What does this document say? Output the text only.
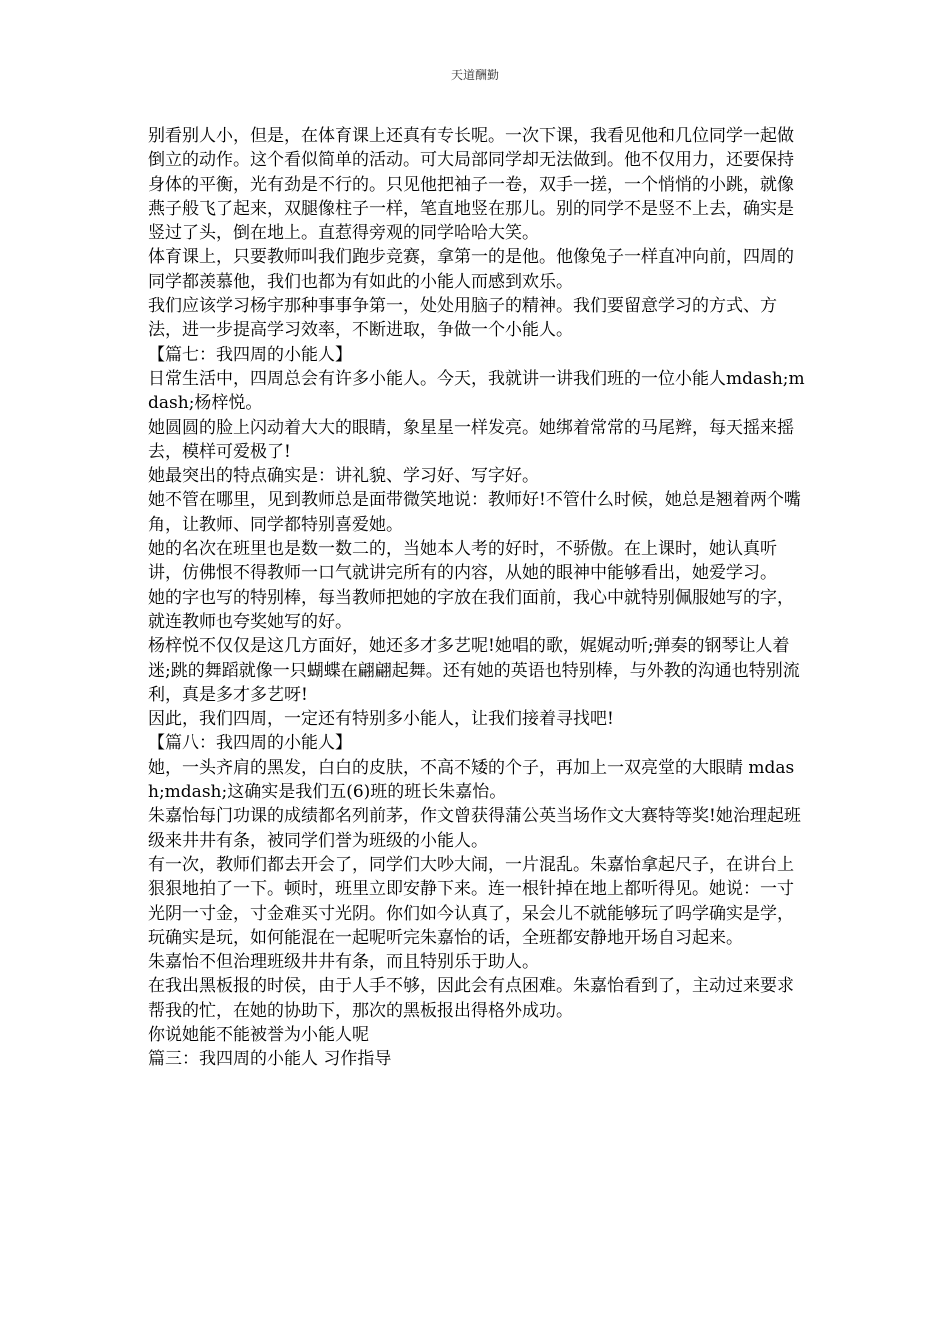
天道酬勤

别看别人小，但是，在体育课上还真有专长呢。一次下课，我看见他和几位同学一起做倒立的动作。这个看似简单的活动。可大局部同学却无法做到。他不仅用力，还要保持身体的平衡，光有劲是不行的。只见他把袖子一卷，双手一搓，一个悄悄的小跳，就像燕子般飞了起来，双腿像柱子一样，笔直地竖在那儿。别的同学不是竖不上去，确实是竖过了头，倒在地上。直惹得旁观的同学哈哈大笑。

体育课上，只要教师叫我们跑步竞赛，拿第一的是他。他像兔子一样直冲向前，四周的同学都羡慕他，我们也都为有如此的小能人而感到欢乐。

我们应该学习杨宇那种事事争第一，处处用脑子的精神。我们要留意学习的方式、方法，进一步提高学习效率，不断进取，争做一个小能人。

【篇七：我四周的小能人】

日常生活中，四周总会有许多小能人。今天，我就讲一讲我们班的一位小能人mdash;mdash;杨梓悦。

她圆圆的脸上闪动着大大的眼睛，象星星一样发亮。她绑着常常的马尾辫，每天摇来摇去，模样可爱极了!

她最突出的特点确实是：讲礼貌、学习好、写字好。

她不管在哪里，见到教师总是面带微笑地说：教师好!不管什么时候，她总是翘着两个嘴角，让教师、同学都特别喜爱她。

她的名次在班里也是数一数二的，当她本人考的好时，不骄傲。在上课时，她认真听讲，仿佛恨不得教师一口气就讲完所有的内容，从她的眼神中能够看出，她爱学习。

她的字也写的特别棒，每当教师把她的字放在我们面前，我心中就特别佩服她写的字，就连教师也夸奖她写的好。

杨梓悦不仅仅是这几方面好，她还多才多艺呢!她唱的歌，娓娓动听;弹奏的钢琴让人着迷;跳的舞蹈就像一只蝴蝶在翩翩起舞。还有她的英语也特别棒，与外教的沟通也特别流利，真是多才多艺呀!

因此，我们四周，一定还有特别多小能人，让我们接着寻找吧!

【篇八：我四周的小能人】

她，一头齐肩的黑发，白白的皮肤，不高不矮的个子，再加上一双亮堂的大眼睛 mdash;mdash;这确实是我们五(6)班的班长朱嘉怡。

朱嘉怡每门功课的成绩都名列前茅，作文曾获得蒲公英当场作文大赛特等奖!她治理起班级来井井有条，被同学们誉为班级的小能人。

有一次，教师们都去开会了，同学们大吵大闹，一片混乱。朱嘉怡拿起尺子，在讲台上狠狠地拍了一下。顿时，班里立即安静下来。连一根针掉在地上都听得见。她说：一寸光阴一寸金，寸金难买寸光阴。你们如今认真了，呆会儿不就能够玩了吗学确实是学，玩确实是玩，如何能混在一起呢听完朱嘉怡的话，全班都安静地开场自习起来。

朱嘉怡不但治理班级井井有条，而且特别乐于助人。

在我出黑板报的时侯，由于人手不够，因此会有点困难。朱嘉怡看到了，主动过来要求帮我的忙，在她的协助下，那次的黑板报出得格外成功。

你说她能不能被誉为小能人呢

篇三：我四周的小能人 习作指导
